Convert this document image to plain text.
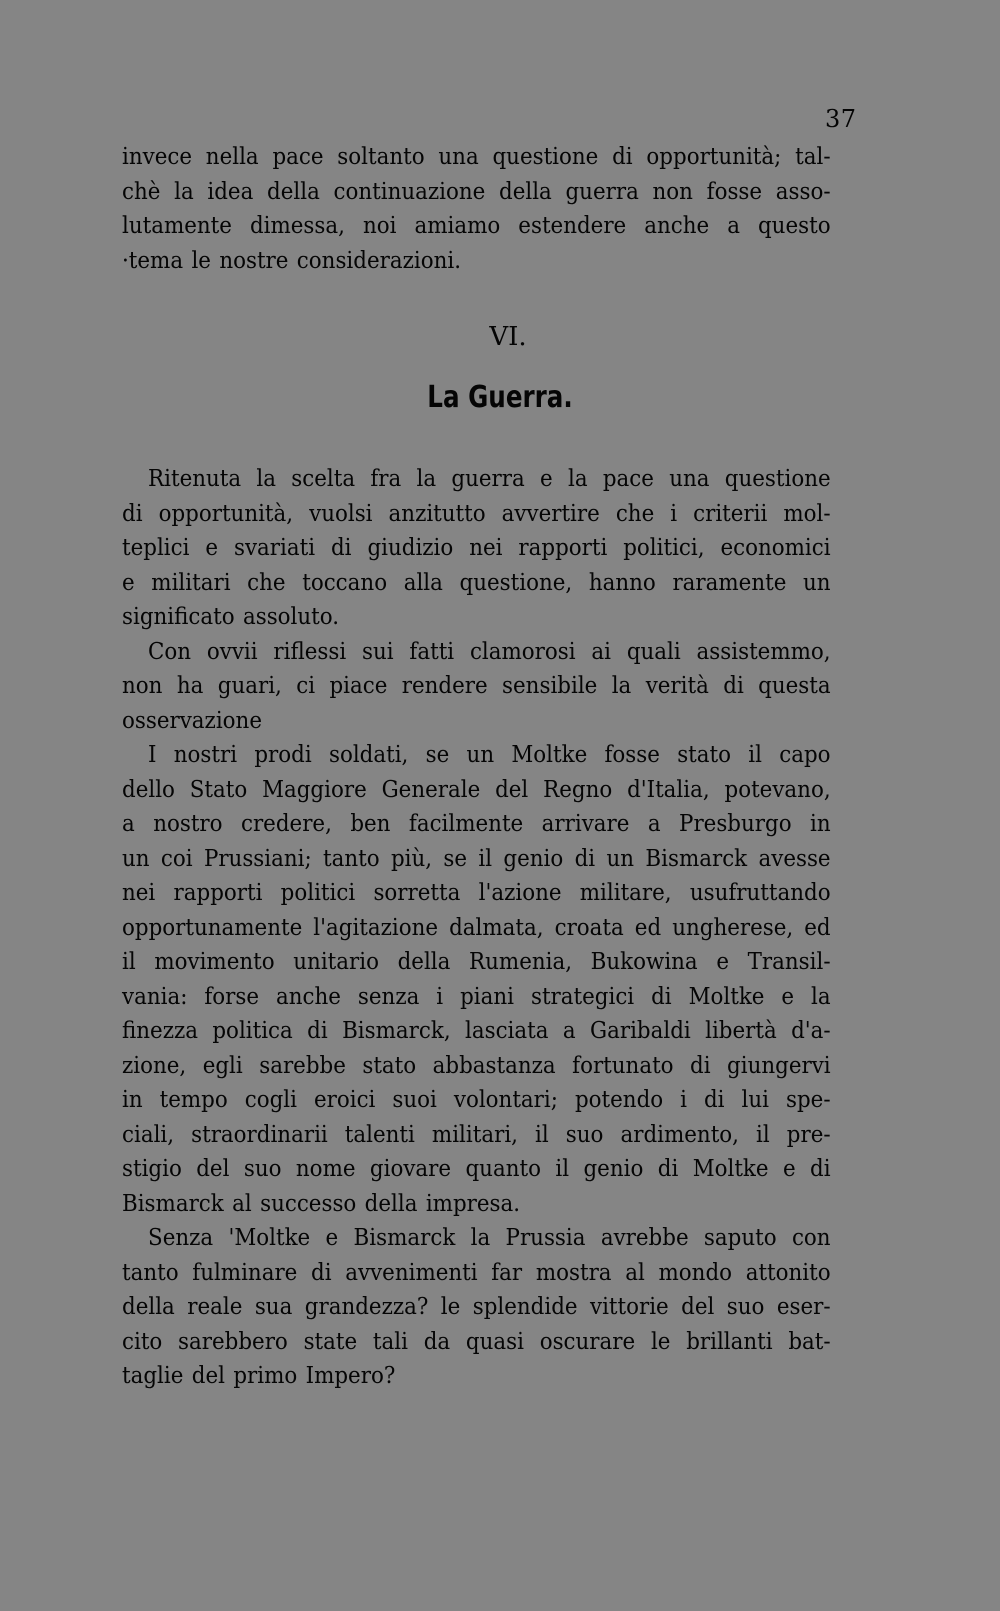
37
invece nella pace soltanto una questione di opportunità; tal-
chè la idea della continuazione della guerra non fosse asso-
lutamente dimessa, noi amiamo estendere anche a questo
·tema le nostre considerazioni.
VI.
La Guerra.
Ritenuta la scelta fra la guerra e la pace una questione
di opportunità, vuolsi anzitutto avvertire che i criterii mol-
teplici e svariati di giudizio nei rapporti politici, economici
e militari che toccano alla questione, hanno raramente un
significato assoluto.
Con ovvii riflessi sui fatti clamorosi ai quali assistemmo,
non ha guari, ci piace rendere sensibile la verità di questa
osservazione
I nostri prodi soldati, se un Moltke fosse stato il capo
dello Stato Maggiore Generale del Regno d'Italia, potevano,
a nostro credere, ben facilmente arrivare a Presburgo in
un coi Prussiani; tanto più, se il genio di un Bismarck avesse
nei rapporti politici sorretta l'azione militare, usufruttando
opportunamente l'agitazione dalmata, croata ed ungherese, ed
il movimento unitario della Rumenia, Bukowina e Transil-
vania: forse anche senza i piani strategici di Moltke e la
finezza politica di Bismarck, lasciata a Garibaldi libertà d'a-
zione, egli sarebbe stato abbastanza fortunato di giungervi
in tempo cogli eroici suoi volontari; potendo i di lui spe-
ciali, straordinarii talenti militari, il suo ardimento, il pre-
stigio del suo nome giovare quanto il genio di Moltke e di
Bismarck al successo della impresa.
Senza 'Moltke e Bismarck la Prussia avrebbe saputo con
tanto fulminare di avvenimenti far mostra al mondo attonito
della reale sua grandezza? le splendide vittorie del suo eser-
cito sarebbero state tali da quasi oscurare le brillanti bat-
taglie del primo Impero?
